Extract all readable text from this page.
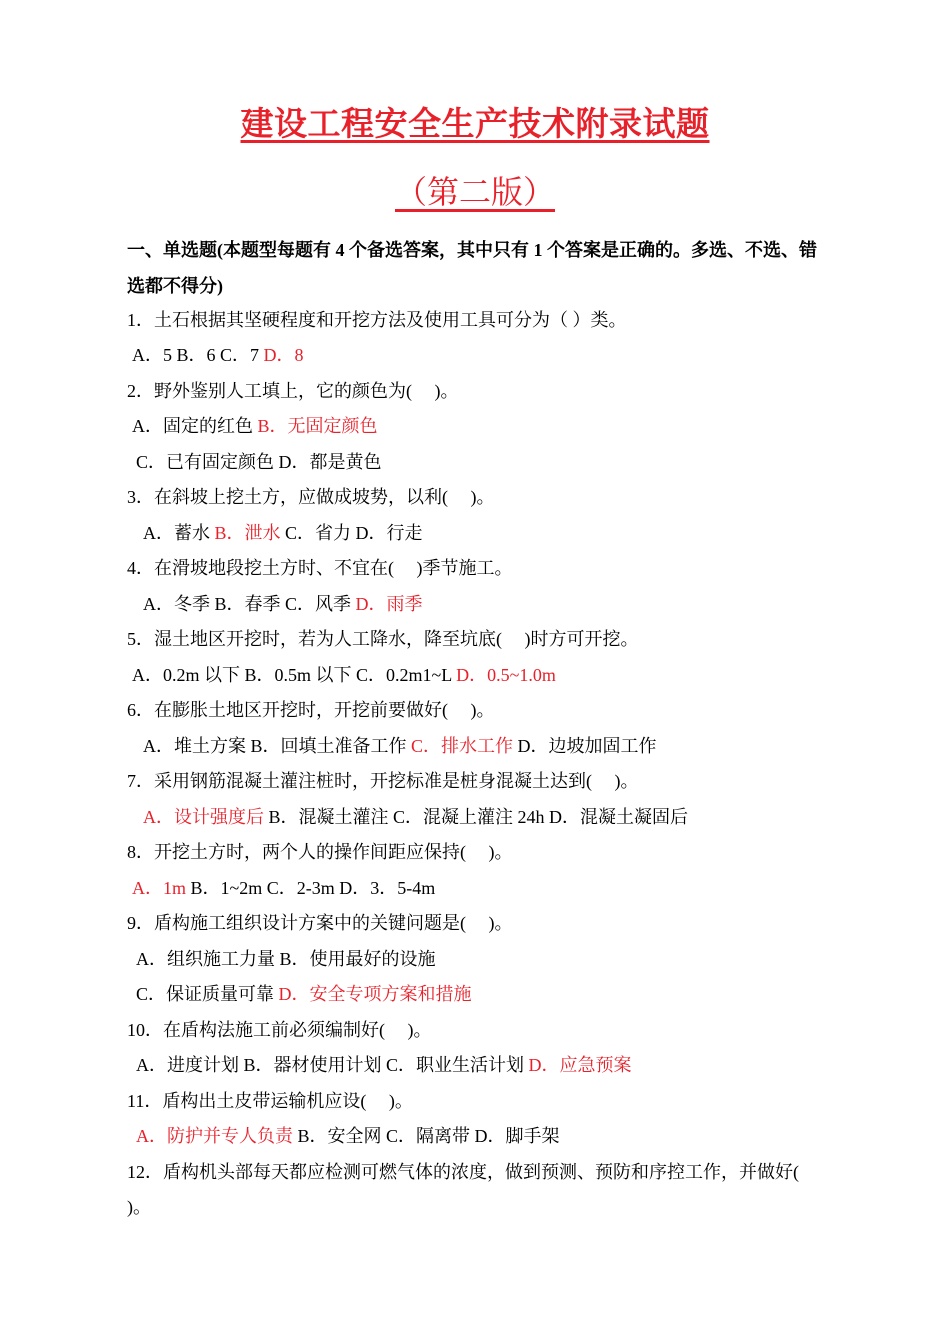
建设工程安全生产技术附录试题
（第二版）
一、单选题(本题型每题有 4 个备选答案，其中只有 1 个答案是正确的。多选、不选、错选都不得分)
1．土石根据其坚硬程度和开挖方法及使用工具可分为（ ）类。
A．5 B．6 C．7 D．8
2．野外鉴别人工填上，它的颜色为(　 )。
A．固定的红色 B．无固定颜色
C．已有固定颜色 D．都是黄色
3．在斜坡上挖土方，应做成坡势，以利(　 )。
A．蓄水 B．泄水 C．省力 D．行走
4．在滑坡地段挖土方时、不宜在(　 )季节施工。
A．冬季 B．春季 C．风季 D．雨季
5．湿土地区开挖时，若为人工降水，降至坑底(　 )时方可开挖。
A．0.2m 以下 B．0.5m 以下 C．0.2m1~L D．0.5~1.0m
6．在膨胀土地区开挖时，开挖前要做好(　 )。
A．堆土方案 B．回填土准备工作 C．排水工作 D．边坡加固工作
7．采用钢筋混凝土灌注桩时，开挖标准是桩身混凝土达到(　 )。
A．设计强度后 B．混凝土灌注 C．混凝上灌注 24h D．混凝土凝固后
8．开挖土方时，两个人的操作间距应保持(　 )。
A．1m B．1~2m C．2-3m D．3．5-4m
9．盾构施工组织设计方案中的关键问题是(　 )。
A．组织施工力量 B．使用最好的设施
C．保证质量可靠 D．安全专项方案和措施
10．在盾构法施工前必须编制好(　 )。
A．进度计划 B．器材使用计划 C．职业生活计划 D．应急预案
11．盾构出土皮带运输机应设(　 )。
A．防护并专人负责 B．安全网 C．隔离带 D．脚手架
12．盾构机头部每天都应检测可燃气体的浓度，做到预测、预防和序控工作，并做好(
)。
